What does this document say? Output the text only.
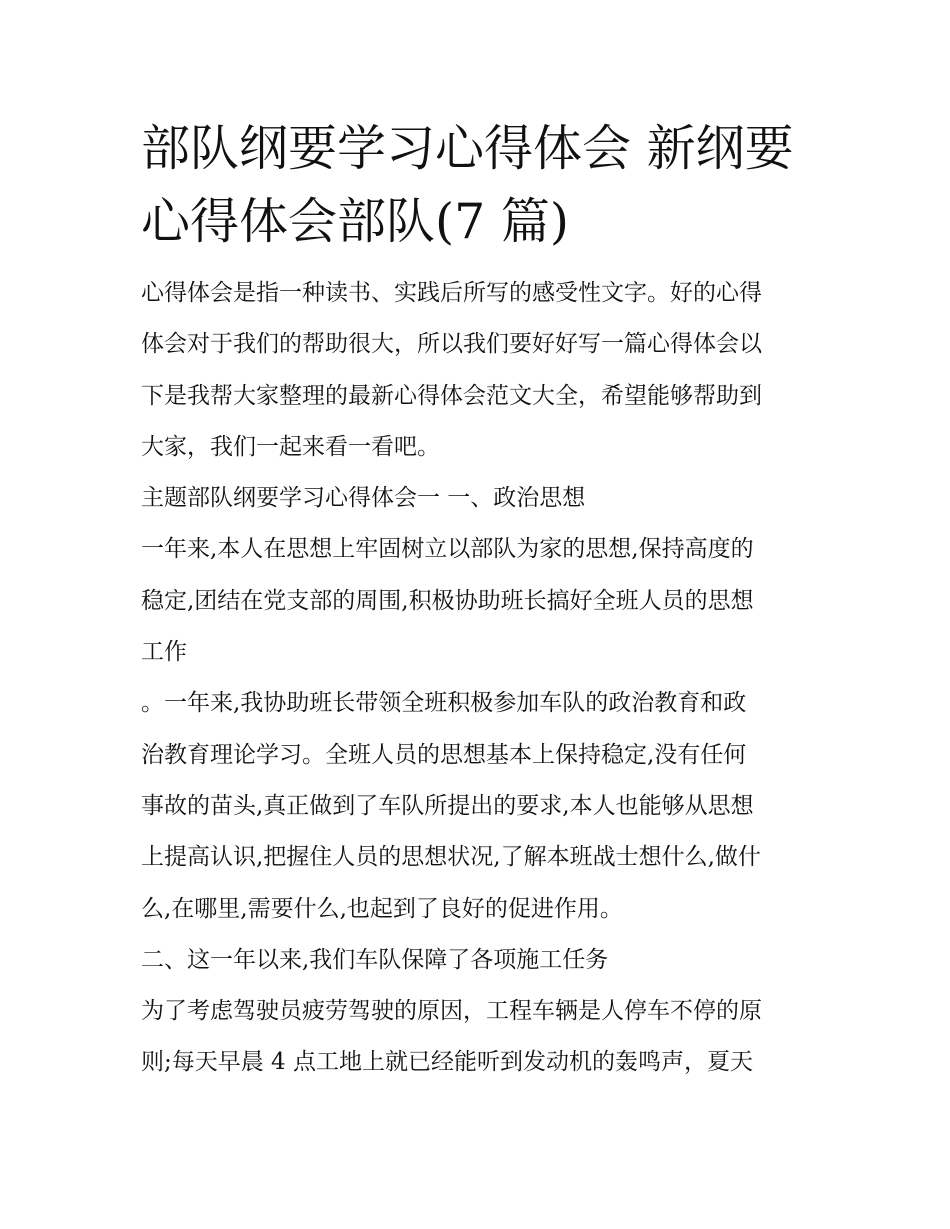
部队纲要学习心得体会 新纲要
心得体会部队(7 篇)

心得体会是指一种读书、实践后所写的感受性文字。好的心得

体会对于我们的帮助很大，所以我们要好好写一篇心得体会以

下是我帮大家整理的最新心得体会范文大全，希望能够帮助到

大家，我们一起来看一看吧。

主题部队纲要学习心得体会一 一、政治思想

一年来,本人在思想上牢固树立以部队为家的思想,保持高度的

稳定,团结在党支部的周围,积极协助班长搞好全班人员的思想

工作

。一年来,我协助班长带领全班积极参加车队的政治教育和政

治教育理论学习。全班人员的思想基本上保持稳定,没有任何

事故的苗头,真正做到了车队所提出的要求,本人也能够从思想

上提高认识,把握住人员的思想状况,了解本班战士想什么,做什

么,在哪里,需要什么,也起到了良好的促进作用。

二、这一年以来,我们车队保障了各项施工任务

为了考虑驾驶员疲劳驾驶的原因，工程车辆是人停车不停的原

则;每天早晨 4 点工地上就已经能听到发动机的轰鸣声，夏天
